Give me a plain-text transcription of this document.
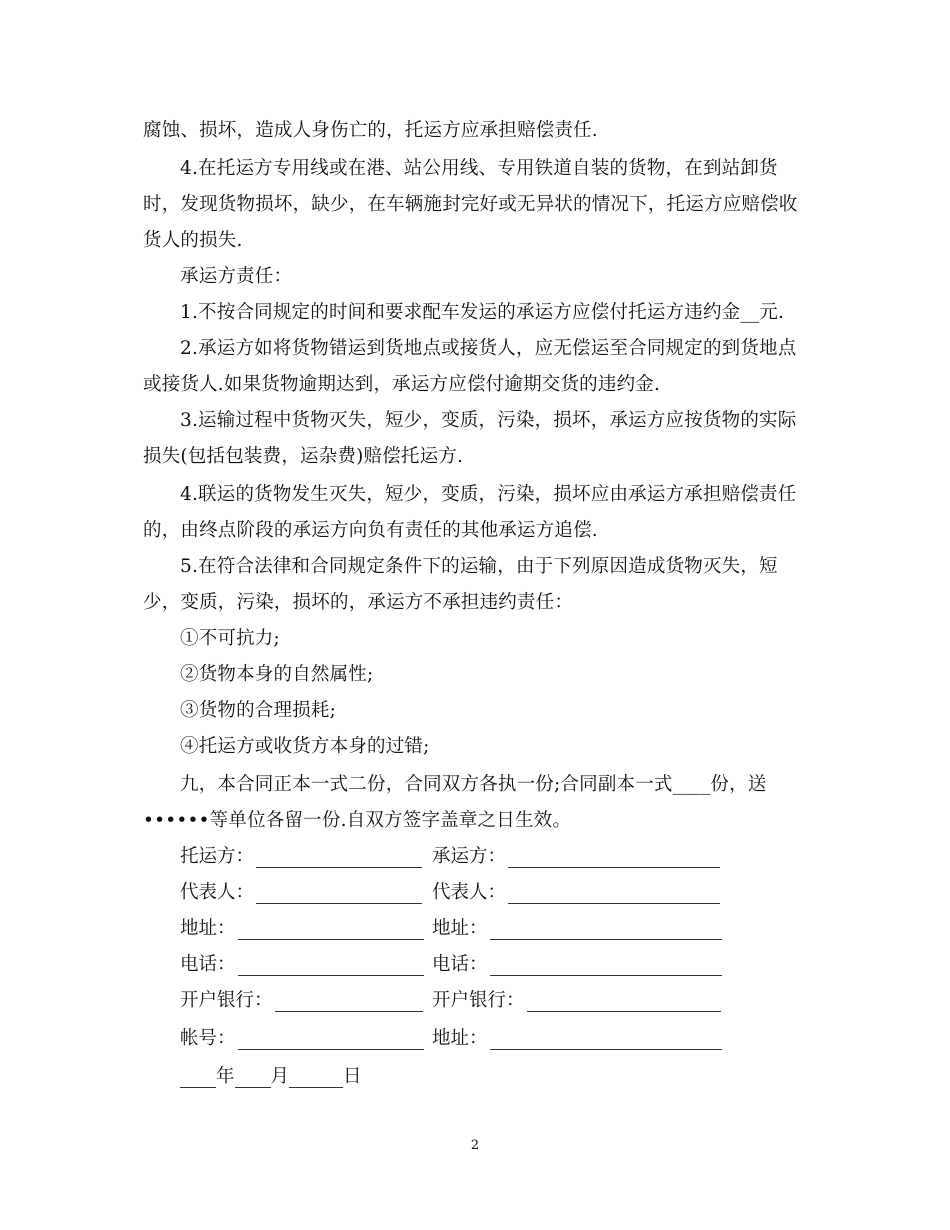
腐蚀、损坏，造成人身伤亡的，托运方应承担赔偿责任.
4.在托运方专用线或在港、站公用线、专用铁道自装的货物，在到站卸货
时，发现货物损坏，缺少，在车辆施封完好或无异状的情况下，托运方应赔偿收
货人的损失.
承运方责任：
1.不按合同规定的时间和要求配车发运的承运方应偿付托运方违约金__元.
2.承运方如将货物错运到货地点或接货人，应无偿运至合同规定的到货地点
或接货人.如果货物逾期达到，承运方应偿付逾期交货的违约金.
3.运输过程中货物灭失，短少，变质，污染，损坏，承运方应按货物的实际
损失(包括包装费，运杂费)赔偿托运方.
4.联运的货物发生灭失，短少，变质，污染，损坏应由承运方承担赔偿责任
的，由终点阶段的承运方向负有责任的其他承运方追偿.
5.在符合法律和合同规定条件下的运输，由于下列原因造成货物灭失，短
少，变质，污染，损坏的，承运方不承担违约责任：
①不可抗力;
②货物本身的自然属性;
③货物的合理损耗;
④托运方或收货方本身的过错;
九，本合同正本一式二份，合同双方各执一份;合同副本一式____份，送
••••••等单位各留一份.自双方签字盖章之日生效。
托运方：	承运方：
代表人：	代表人：
地址：	地址：
电话：	电话：
开户银行：	开户银行：
帐号：	地址：
年 月	日
2
